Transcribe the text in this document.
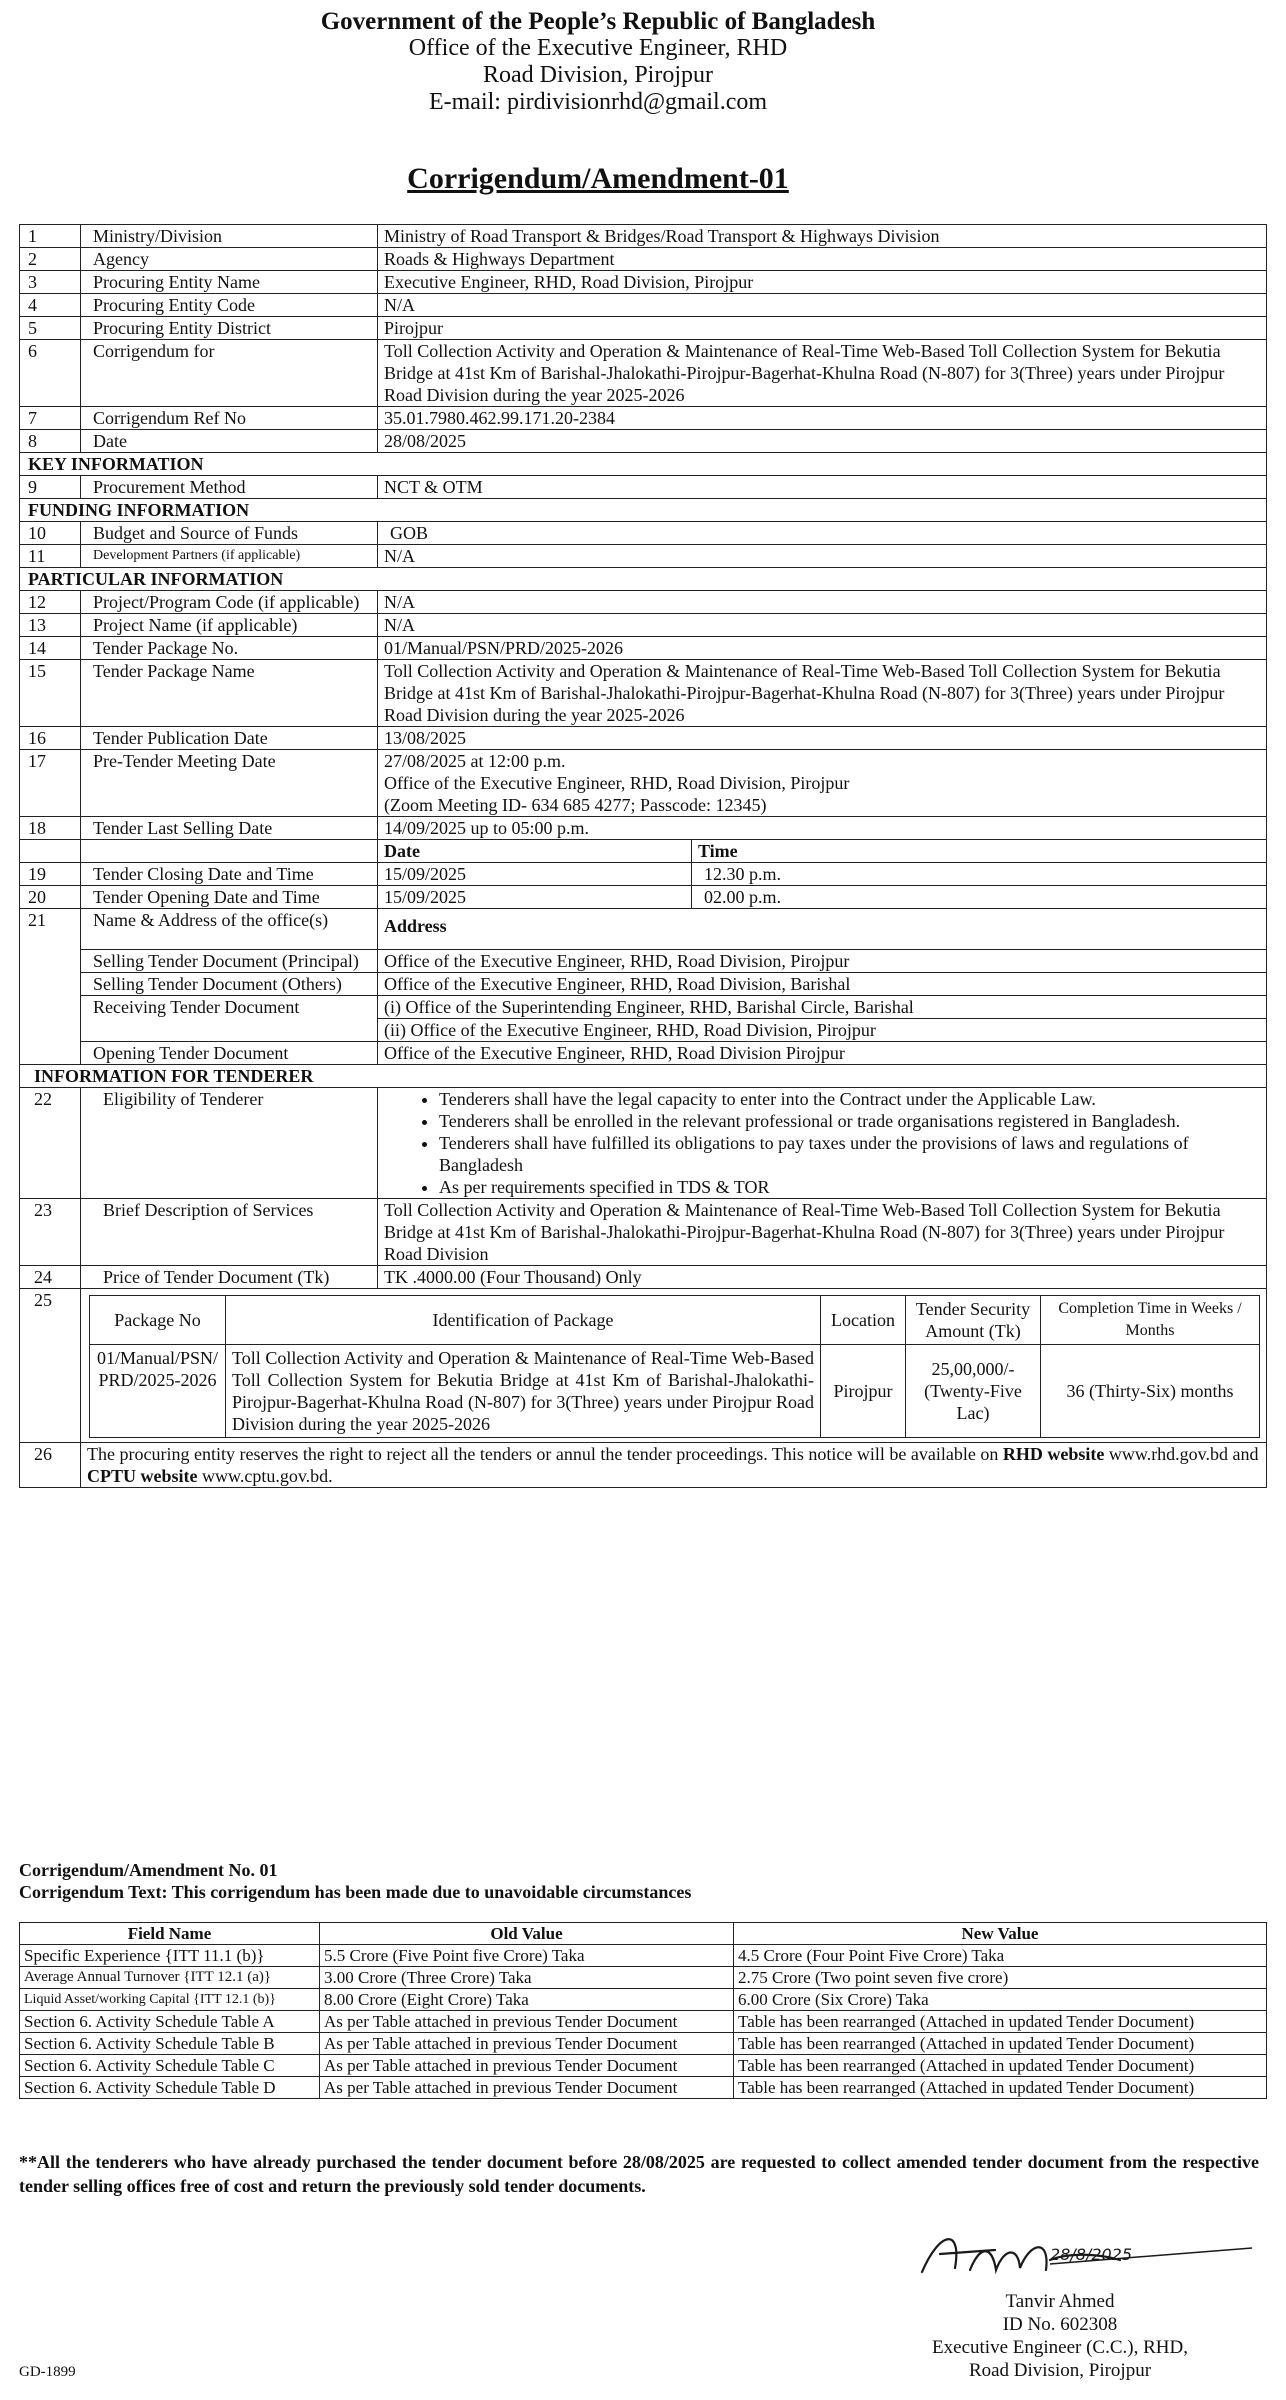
Government of the People’s Republic of Bangladesh
Office of the Executive Engineer, RHD
Road Division, Pirojpur
E-mail: pirdivisionrhd@gmail.com
Corrigendum/Amendment-01
1	Ministry/Division	Ministry of Road Transport & Bridges/Road Transport & Highways Division
2	Agency	Roads & Highways Department
3	Procuring Entity Name	Executive Engineer, RHD, Road Division, Pirojpur
4	Procuring Entity Code	N/A
5	Procuring Entity District	Pirojpur
6	Corrigendum for	Toll Collection Activity and Operation & Maintenance of Real-Time Web-Based Toll Collection System for Bekutia Bridge at 41st Km of Barishal-Jhalokathi-Pirojpur-Bagerhat-Khulna Road (N-807) for 3(Three) years under Pirojpur Road Division during the year 2025-2026
7	Corrigendum Ref No	35.01.7980.462.99.171.20-2384
8	Date	28/08/2025
KEY INFORMATION
9	Procurement Method	NCT & OTM
FUNDING INFORMATION
10	Budget and Source of Funds	GOB
11	Development Partners (if applicable)	N/A
PARTICULAR INFORMATION
12	Project/Program Code (if applicable)	N/A
13	Project Name (if applicable)	N/A
14	Tender Package No.	01/Manual/PSN/PRD/2025-2026
15	Tender Package Name	Toll Collection Activity and Operation & Maintenance of Real-Time Web-Based Toll Collection System for Bekutia Bridge at 41st Km of Barishal-Jhalokathi-Pirojpur-Bagerhat-Khulna Road (N-807) for 3(Three) years under Pirojpur Road Division during the year 2025-2026
16	Tender Publication Date	13/08/2025
17	Pre-Tender Meeting Date	27/08/2025 at 12:00 p.m.
Office of the Executive Engineer, RHD, Road Division, Pirojpur
(Zoom Meeting ID- 634 685 4277; Passcode: 12345)

18	Tender Last Selling Date	14/09/2025 up to 05:00 p.m.
		Date	Time
19	Tender Closing Date and Time	15/09/2025	12.30 p.m.
20	Tender Opening Date and Time	15/09/2025	02.00 p.m.
21	Name & Address of the office(s)	Address
Selling Tender Document (Principal)	Office of the Executive Engineer, RHD, Road Division, Pirojpur
Selling Tender Document (Others)	Office of the Executive Engineer, RHD, Road Division, Barishal
Receiving Tender Document	(i) Office of the Superintending Engineer, RHD, Barishal Circle, Barishal
(ii) Office of the Executive Engineer, RHD, Road Division, Pirojpur
Opening Tender Document	Office of the Executive Engineer, RHD, Road Division Pirojpur
INFORMATION FOR TENDERER
22	Eligibility of Tenderer	
•Tenderers shall have the legal capacity to enter into the Contract under the Applicable Law.
• Tenderers shall be enrolled in the relevant professional or trade organisations registered in Bangladesh.
• Tenderers shall have fulfilled its obligations to pay taxes under the provisions of laws and regulations of Bangladesh
• As per requirements specified in TDS & TOR

23	Brief Description of Services	Toll Collection Activity and Operation & Maintenance of Real-Time Web-Based Toll Collection System for Bekutia Bridge at 41st Km of Barishal-Jhalokathi-Pirojpur-Bagerhat-Khulna Road (N-807) for 3(Three) years under Pirojpur Road Division
24	Price of Tender Document (Tk)	TK .4000.00 (Four Thousand) Only
25	
Package No	Identification of Package	Location	Tender Security Amount (Tk)	Completion Time in Weeks / Months
01/Manual/PSN/ PRD/2025-2026	Toll Collection Activity and Operation & Maintenance of Real-Time Web-Based Toll Collection System for Bekutia Bridge at 41st Km of Barishal-Jhalokathi-Pirojpur-Bagerhat-Khulna Road (N-807) for 3(Three) years under Pirojpur Road Division during the year 2025-2026	Pirojpur	25,00,000/- (Twenty-Five Lac)	36 (Thirty-Six) months

26	The procuring entity reserves the right to reject all the tenders or annul the tender proceedings. This notice will be available on RHD website www.rhd.gov.bd and CPTU website www.cptu.gov.bd.
Corrigendum/Amendment No. 01
Corrigendum Text: This corrigendum has been made due to unavoidable circumstances
Field Name	Old Value	New Value
Specific Experience {ITT 11.1 (b)}	5.5 Crore (Five Point five Crore) Taka	4.5 Crore (Four Point Five Crore) Taka
Average Annual Turnover {ITT 12.1 (a)}	3.00 Crore (Three Crore) Taka	2.75 Crore (Two point seven five crore)
Liquid Asset/working Capital {ITT 12.1 (b)}	8.00 Crore (Eight Crore) Taka	6.00 Crore (Six Crore) Taka
Section 6. Activity Schedule Table A	As per Table attached in previous Tender Document	Table has been rearranged (Attached in updated Tender Document)
Section 6. Activity Schedule Table B	As per Table attached in previous Tender Document	Table has been rearranged (Attached in updated Tender Document)
Section 6. Activity Schedule Table C	As per Table attached in previous Tender Document	Table has been rearranged (Attached in updated Tender Document)
Section 6. Activity Schedule Table D	As per Table attached in previous Tender Document	Table has been rearranged (Attached in updated Tender Document)
**All the tenderers who have already purchased the tender document before 28/08/2025 are requested to collect amended tender document from the respective tender selling offices free of cost and return the previously sold tender documents.
28/8/2025
Tanvir Ahmed
ID No. 602308
Executive Engineer (C.C.), RHD,
Road Division, Pirojpur
GD-1899
